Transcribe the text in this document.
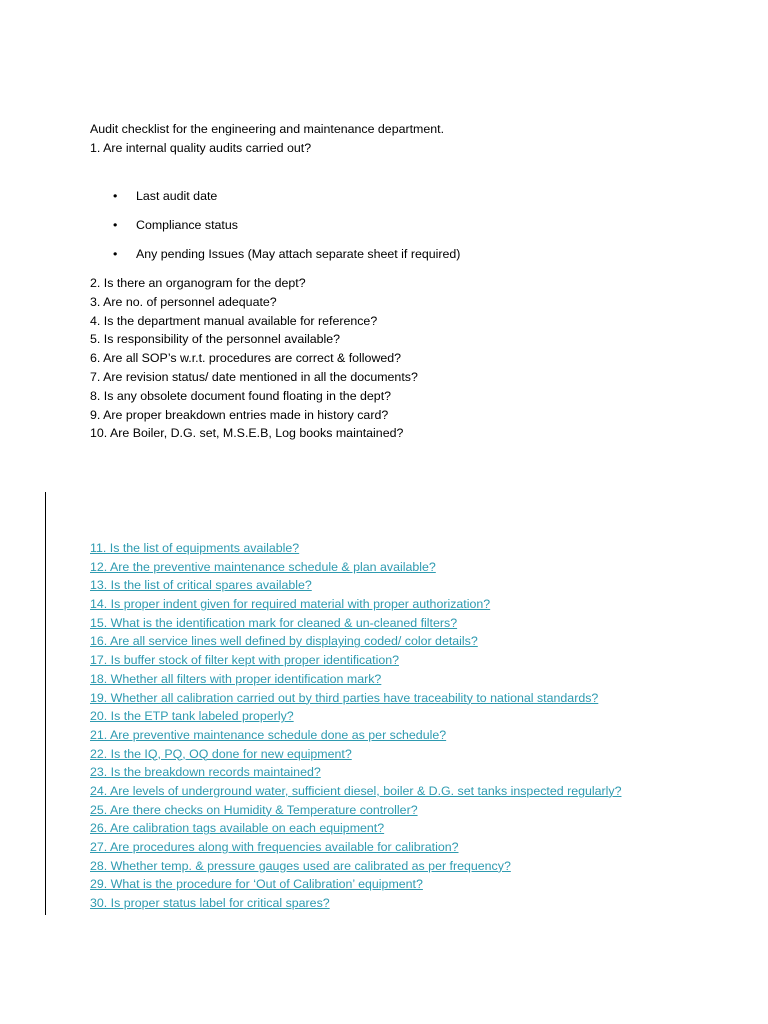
Audit checklist for the engineering and maintenance department.
1. Are internal quality audits carried out?
•	Last audit date
•	Compliance status
•	Any pending Issues (May attach separate sheet if required)
2. Is there an organogram for the dept?
3. Are no. of personnel adequate?
4. Is the department manual available for reference?
5. Is responsibility of the personnel available?
6. Are all SOP’s w.r.t. procedures are correct & followed?
7. Are revision status/ date mentioned in all the documents?
8. Is any obsolete document found floating in the dept?
9. Are proper breakdown entries made in history card?
10. Are Boiler, D.G. set, M.S.E.B, Log books maintained?
11. Is the list of equipments available?
12. Are the preventive maintenance schedule & plan available?
13. Is the list of critical spares available?
14. Is proper indent given for required material with proper authorization?
15. What is the identification mark for cleaned & un-cleaned filters?
16. Are all service lines well defined by displaying coded/ color details?
17. Is buffer stock of filter kept with proper identification?
18. Whether all filters with proper identification mark?
19. Whether all calibration carried out by third parties have traceability to national standards?
20. Is the ETP tank labeled properly?
21. Are preventive maintenance schedule done as per schedule?
22. Is the IQ, PQ, OQ done for new equipment?
23. Is the breakdown records maintained?
24. Are levels of underground water, sufficient diesel, boiler & D.G. set tanks inspected regularly?
25. Are there checks on Humidity & Temperature controller?
26. Are calibration tags available on each equipment?
27. Are procedures along with frequencies available for calibration?
28. Whether temp. & pressure gauges used are calibrated as per frequency?
29. What is the procedure for ‘Out of Calibration’ equipment?
30. Is proper status label for critical spares?
